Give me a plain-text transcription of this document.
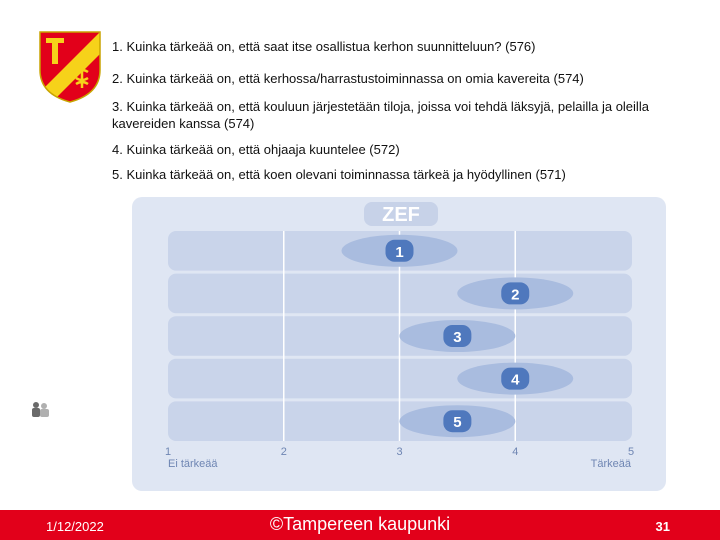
1. Kuinka tärkeää on, että saat itse osallistua kerhon suunnitteluun? (576)
2. Kuinka tärkeää on, että kerhossa/harrastustoiminnassa on omia kavereita (574)
3. Kuinka tärkeää on, että kouluun järjestetään tiloja, joissa voi tehdä läksyjä, pelailla ja oleilla kavereiden kanssa (574)
4. Kuinka tärkeää on, että ohjaaja kuuntelee (572)
5. Kuinka tärkeää on, että koen olevani toiminnassa tärkeä ja hyödyllinen (571)
ZEF
1
2
3
4
5
1	2	3	4	5
Ei tärkeää	Tärkeää
1/12/2022	©Tampereen kaupunki	31
